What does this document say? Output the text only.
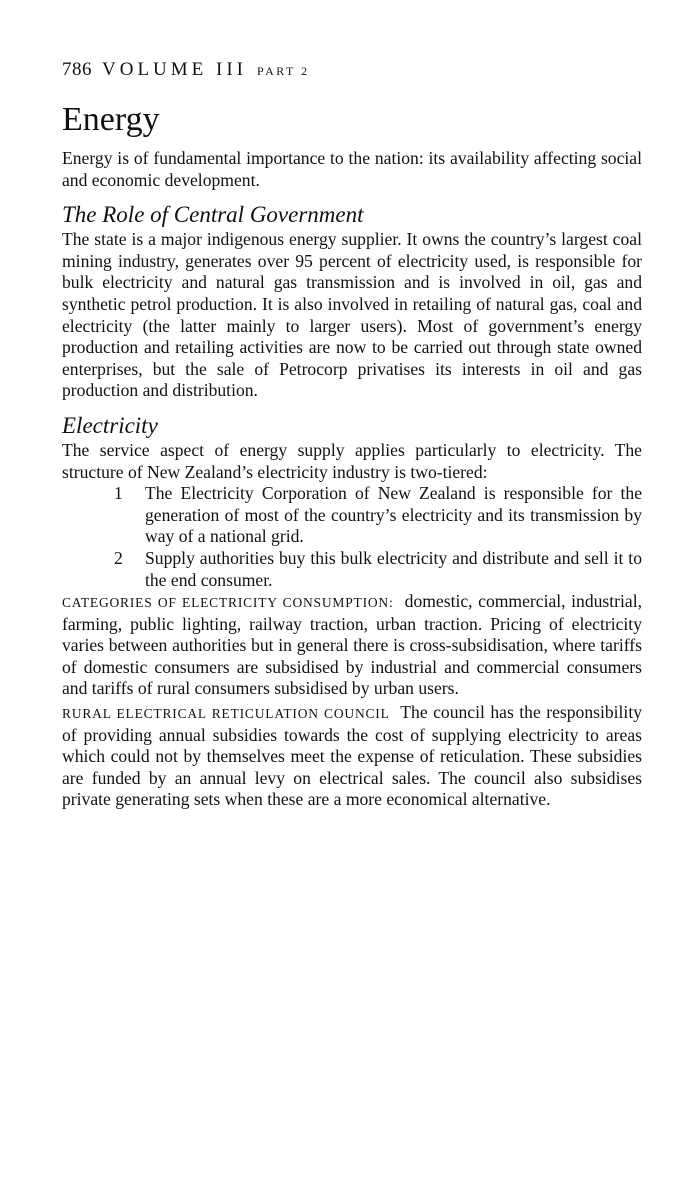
786 VOLUME III PART 2
Energy

Energy is of fundamental importance to the nation: its availability affecting social and economic development.

The Role of Central Government

The state is a major indigenous energy supplier. It owns the country’s largest coal mining industry, generates over 95 percent of electricity used, is responsible for bulk electricity and natural gas transmission and is involved in oil, gas and synthetic petrol production. It is also involved in retailing of natural gas, coal and electricity (the latter mainly to larger users). Most of government’s energy production and retailing activities are now to be carried out through state owned enterprises, but the sale of Petrocorp privatises its interests in oil and gas production and distribution.

Electricity

The service aspect of energy supply applies particularly to electricity. The structure of New Zealand’s electricity industry is two-tiered:

1 The Electricity Corporation of New Zealand is responsible for the generation of most of the country’s electricity and its transmission by way of a national grid.
2 Supply authorities buy this bulk electricity and distribute and sell it to the end consumer.

CATEGORIES OF ELECTRICITY CONSUMPTION: domestic, commercial, industrial, farming, public lighting, railway traction, urban traction. Pricing of electricity varies between authorities but in general there is cross-subsidisation, where tariffs of domestic consumers are subsidised by industrial and commercial consumers and tariffs of rural consumers subsidised by urban users.

RURAL ELECTRICAL RETICULATION COUNCIL The council has the responsibility of providing annual subsidies towards the cost of supplying electricity to areas which could not by themselves meet the expense of reticulation. These subsidies are funded by an annual levy on electrical sales. The council also subsidises private generating sets when these are a more economical alternative.
